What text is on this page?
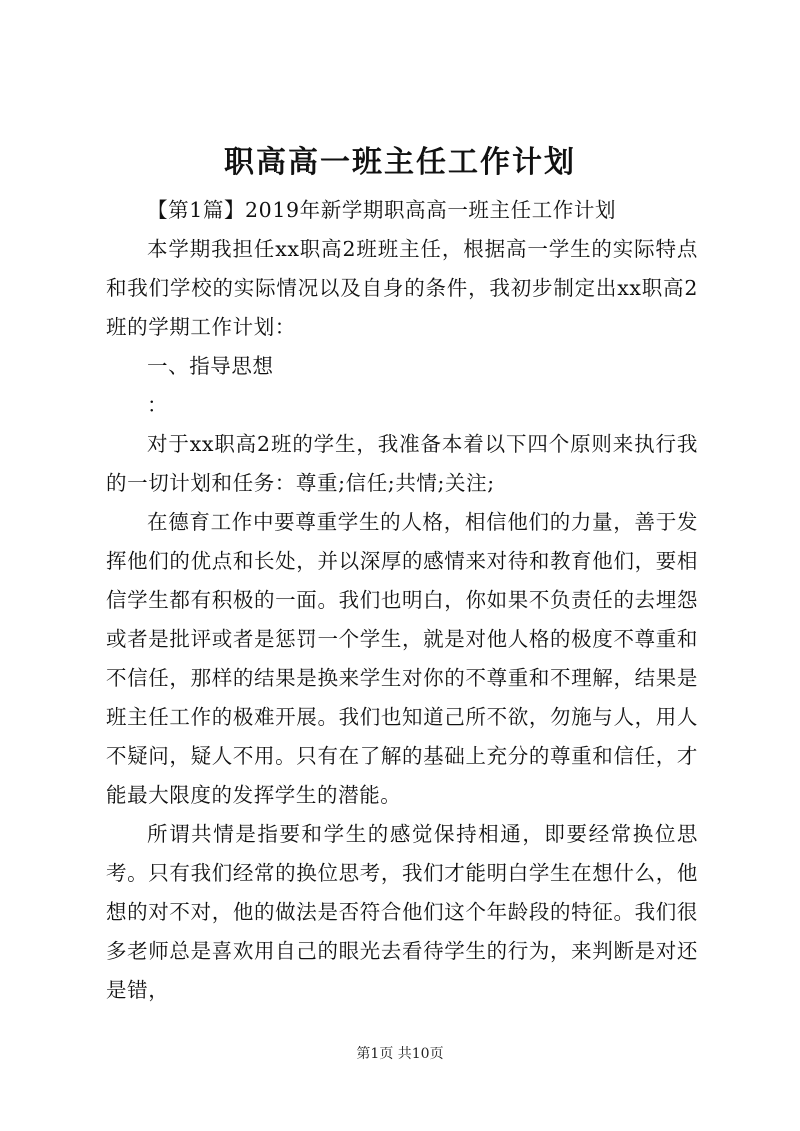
职高高一班主任工作计划

【第1篇】2019年新学期职高高一班主任工作计划

本学期我担任xx职高2班班主任，根据高一学生的实际特点和我们学校的实际情况以及自身的条件，我初步制定出xx职高2班的学期工作计划：

一、指导思想

：

对于xx职高2班的学生，我准备本着以下四个原则来执行我的一切计划和任务：尊重;信任;共情;关注;

在德育工作中要尊重学生的人格，相信他们的力量，善于发挥他们的优点和长处，并以深厚的感情来对待和教育他们，要相信学生都有积极的一面。我们也明白，你如果不负责任的去埋怨或者是批评或者是惩罚一个学生，就是对他人格的极度不尊重和不信任，那样的结果是换来学生对你的不尊重和不理解，结果是班主任工作的极难开展。我们也知道己所不欲，勿施与人，用人不疑问，疑人不用。只有在了解的基础上充分的尊重和信任，才能最大限度的发挥学生的潜能。

所谓共情是指要和学生的感觉保持相通，即要经常换位思考。只有我们经常的换位思考，我们才能明白学生在想什么，他想的对不对，他的做法是否符合他们这个年龄段的特征。我们很多老师总是喜欢用自己的眼光去看待学生的行为，来判断是对还是错，

第1页 共10页
